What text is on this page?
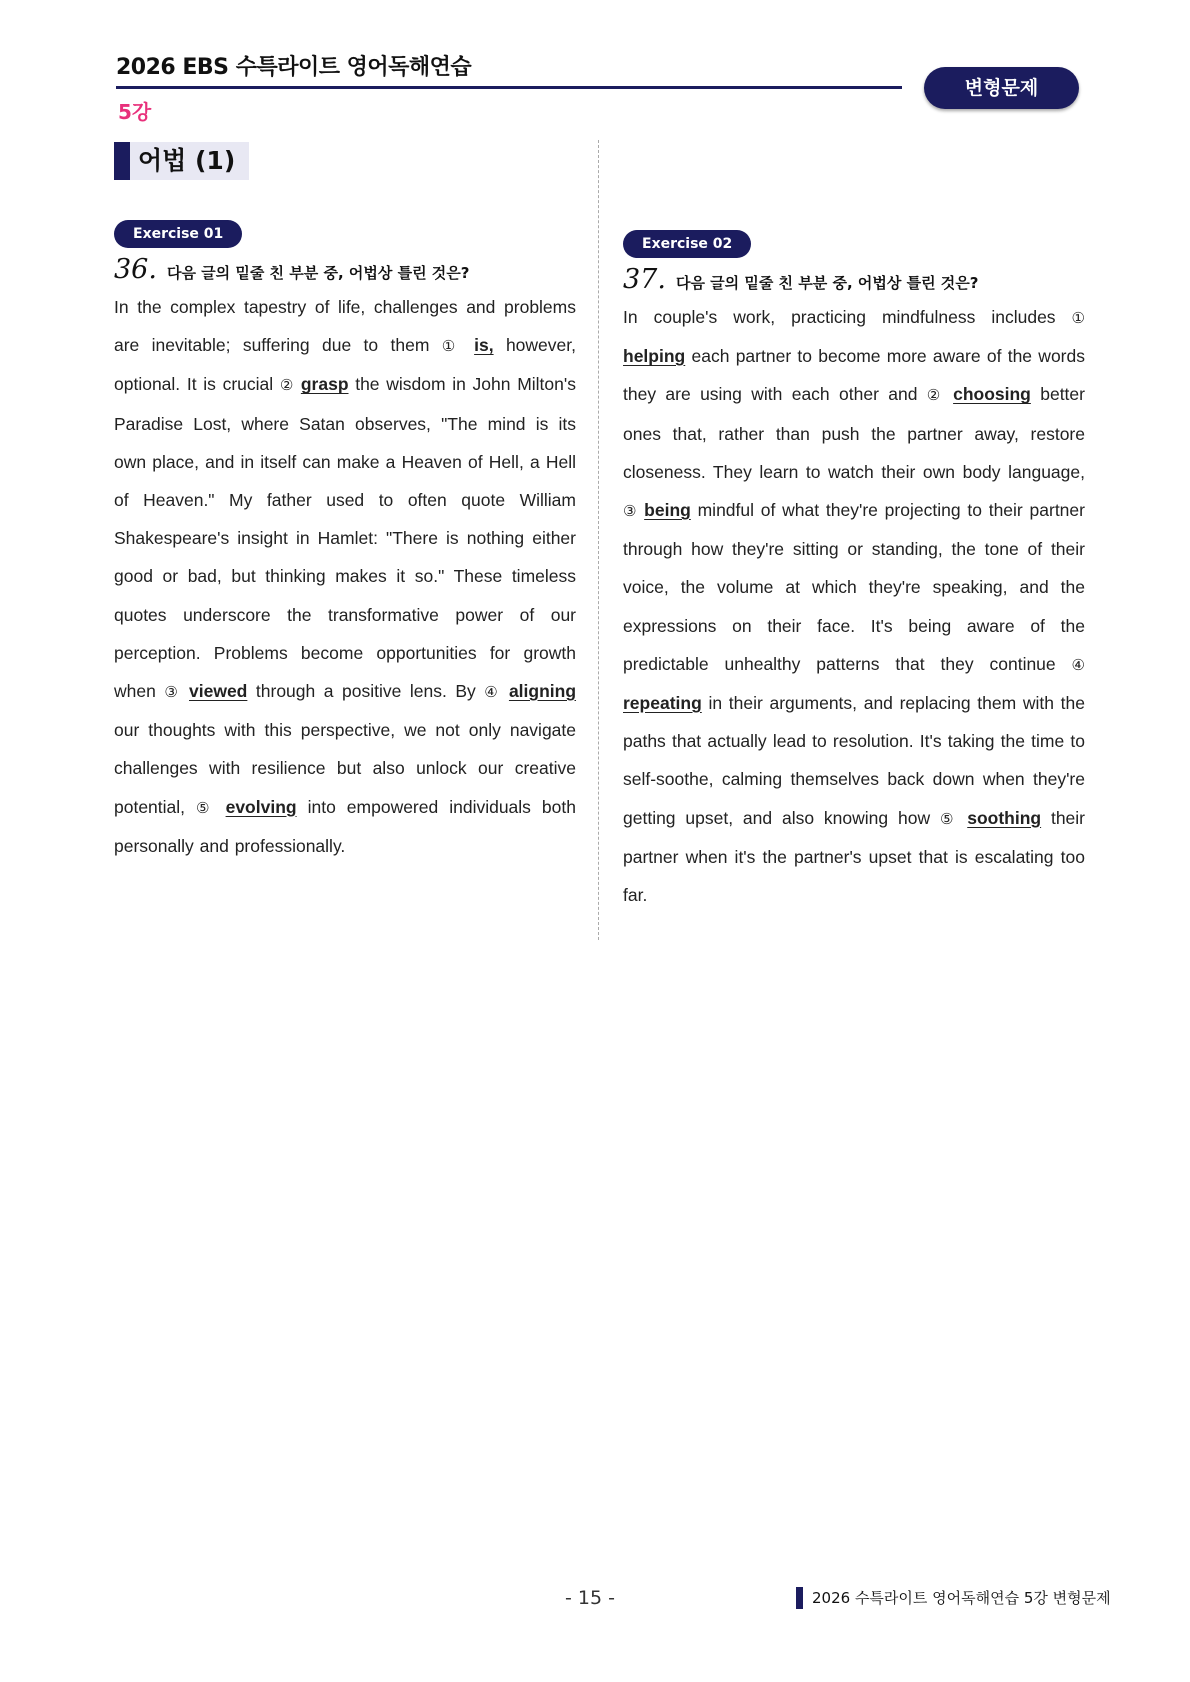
2026 EBS 수특라이트 영어독해연습
5강
변형문제
어법 (1)
Exercise 01
36. 다음 글의 밑줄 친 부분 중, 어법상 틀린 것은?

In the complex tapestry of life, challenges and problems are inevitable; suffering due to them ① is, however, optional. It is crucial ② grasp the wisdom in John Milton's Paradise Lost, where Satan observes, "The mind is its own place, and in itself can make a Heaven of Hell, a Hell of Heaven." My father used to often quote William Shakespeare's insight in Hamlet: "There is nothing either good or bad, but thinking makes it so." These timeless quotes underscore the transformative power of our perception. Problems become opportunities for growth when ③ viewed through a positive lens. By ④ aligning our thoughts with this perspective, we not only navigate challenges with resilience but also unlock our creative potential, ⑤ evolving into empowered individuals both personally and professionally.

Exercise 02
37. 다음 글의 밑줄 친 부분 중, 어법상 틀린 것은?

In couple's work, practicing mindfulness includes ① helping each partner to become more aware of the words they are using with each other and ② choosing better ones that, rather than push the partner away, restore closeness. They learn to watch their own body language, ③ being mindful of what they're projecting to their partner through how they're sitting or standing, the tone of their voice, the volume at which they're speaking, and the expressions on their face. It's being aware of the predictable unhealthy patterns that they continue ④ repeating in their arguments, and replacing them with the paths that actually lead to resolution. It's taking the time to self-soothe, calming themselves back down when they're getting upset, and also knowing how ⑤ soothing their partner when it's the partner's upset that is escalating too far.

- 15 -	2026 수특라이트 영어독해연습 5강 변형문제
